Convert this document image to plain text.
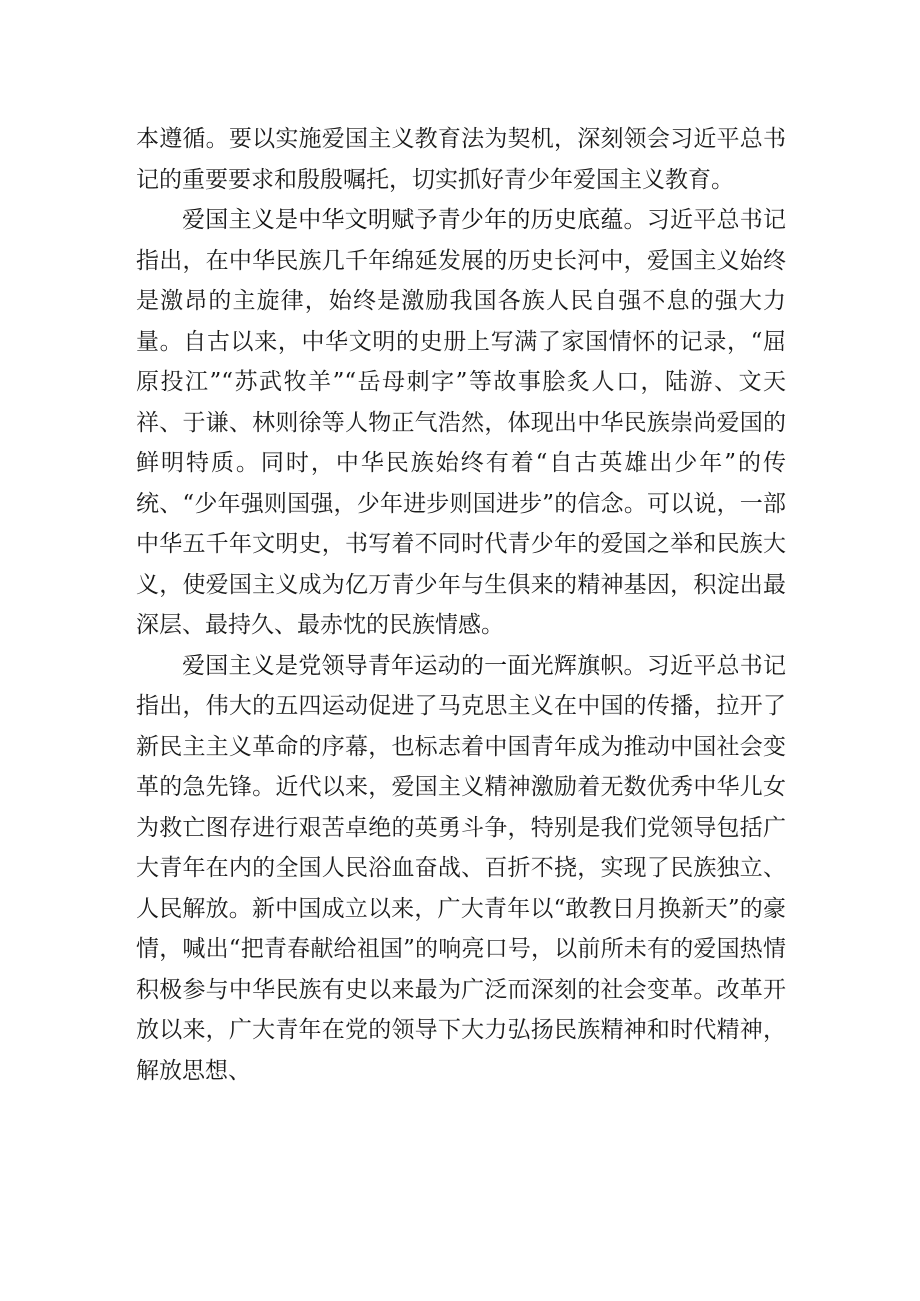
本遵循。要以实施爱国主义教育法为契机，深刻领会习近平总书记的重要要求和殷殷嘱托，切实抓好青少年爱国主义教育。

爱国主义是中华文明赋予青少年的历史底蕴。习近平总书记指出，在中华民族几千年绵延发展的历史长河中，爱国主义始终是激昂的主旋律，始终是激励我国各族人民自强不息的强大力量。自古以来，中华文明的史册上写满了家国情怀的记录，“屈原投江”“苏武牧羊”“岳母刺字”等故事脍炙人口，陆游、文天祥、于谦、林则徐等人物正气浩然，体现出中华民族崇尚爱国的鲜明特质。同时，中华民族始终有着“自古英雄出少年”的传统、“少年强则国强，少年进步则国进步”的信念。可以说，一部中华五千年文明史，书写着不同时代青少年的爱国之举和民族大义，使爱国主义成为亿万青少年与生俱来的精神基因，积淀出最深层、最持久、最赤忱的民族情感。

爱国主义是党领导青年运动的一面光辉旗帜。习近平总书记指出，伟大的五四运动促进了马克思主义在中国的传播，拉开了新民主主义革命的序幕，也标志着中国青年成为推动中国社会变革的急先锋。近代以来，爱国主义精神激励着无数优秀中华儿女为救亡图存进行艰苦卓绝的英勇斗争，特别是我们党领导包括广大青年在内的全国人民浴血奋战、百折不挠，实现了民族独立、人民解放。新中国成立以来，广大青年以“敢教日月换新天”的豪情，喊出“把青春献给祖国”的响亮口号，以前所未有的爱国热情积极参与中华民族有史以来最为广泛而深刻的社会变革。改革开放以来，广大青年在党的领导下大力弘扬民族精神和时代精神，解放思想、
